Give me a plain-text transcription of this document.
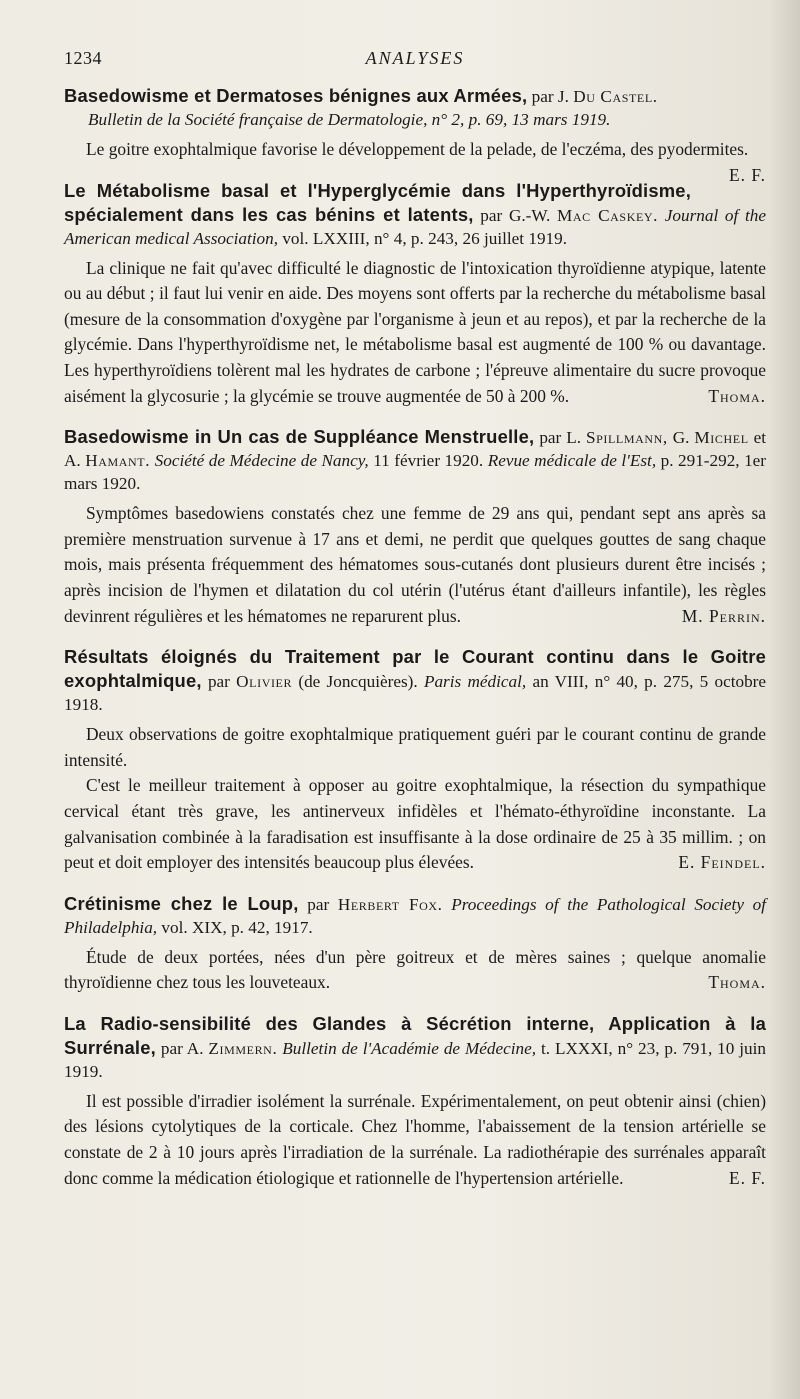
1234	ANALYSES

Basedowisme et Dermatoses bénignes aux Armées, par J. Du Castel.
Bulletin de la Société française de Dermatologie, n° 2, p. 69, 13 mars 1919.

Le goitre exophtalmique favorise le développement de la pelade, de l'eczéma, des pyodermites.
E. F.

Le Métabolisme basal et l'Hyperglycémie dans l'Hyperthyroïdisme, spécialement dans les cas bénins et latents, par G.-W. Mac Caskey. Journal of the American medical Association, vol. LXXIII, n° 4, p. 243, 26 juillet 1919.

La clinique ne fait qu'avec difficulté le diagnostic de l'intoxication thyroïdienne atypique, latente ou au début ; il faut lui venir en aide. Des moyens sont offerts par la recherche du métabolisme basal (mesure de la consommation d'oxygène par l'organisme à jeun et au repos), et par la recherche de la glycémie. Dans l'hyperthyroïdisme net, le métabolisme basal est augmenté de 100 % ou davantage. Les hyperthyroïdiens tolèrent mal les hydrates de carbone ; l'épreuve alimentaire du sucre provoque aisément la glycosurie ; la glycémie se trouve augmentée de 50 à 200 %.	Thoma.

Basedowisme in Un cas de Suppléance Menstruelle, par L. Spillmann, G. Michel et A. Hamant. Société de Médecine de Nancy, 11 février 1920. Revue médicale de l'Est, p. 291-292, 1er mars 1920.

Symptômes basedowiens constatés chez une femme de 29 ans qui, pendant sept ans après sa première menstruation survenue à 17 ans et demi, ne perdit que quelques gouttes de sang chaque mois, mais présenta fréquemment des hématomes sous-cutanés dont plusieurs durent être incisés ; après incision de l'hymen et dilatation du col utérin (l'utérus étant d'ailleurs infantile), les règles devinrent régulières et les hématomes ne reparurent plus.	M. Perrin.

Résultats éloignés du Traitement par le Courant continu dans le Goitre exophtalmique, par Olivier (de Joncquières). Paris médical, an VIII, n° 40, p. 275, 5 octobre 1918.

Deux observations de goitre exophtalmique pratiquement guéri par le courant continu de grande intensité.

C'est le meilleur traitement à opposer au goitre exophtalmique, la résection du sympathique cervical étant très grave, les antinerveux infidèles et l'hémato-éthyroïdine inconstante. La galvanisation combinée à la faradisation est insuffisante à la dose ordinaire de 25 à 35 millim. ; on peut et doit employer des intensités beaucoup plus élevées.	E. Feindel.

Crétinisme chez le Loup, par Herbert Fox. Proceedings of the Pathological Society of Philadelphia, vol. XIX, p. 42, 1917.

Étude de deux portées, nées d'un père goitreux et de mères saines ; quelque anomalie thyroïdienne chez tous les louveteaux.	Thoma.

La Radio-sensibilité des Glandes à Sécrétion interne, Application à la Surrénale, par A. Zimmern. Bulletin de l'Académie de Médecine, t. LXXXI, n° 23, p. 791, 10 juin 1919.

Il est possible d'irradier isolément la surrénale. Expérimentalement, on peut obtenir ainsi (chien) des lésions cytolytiques de la corticale. Chez l'homme, l'abaissement de la tension artérielle se constate de 2 à 10 jours après l'irradiation de la surrénale. La radiothérapie des surrénales apparaît donc comme la médication étiologique et rationnelle de l'hypertension artérielle.	E. F.
